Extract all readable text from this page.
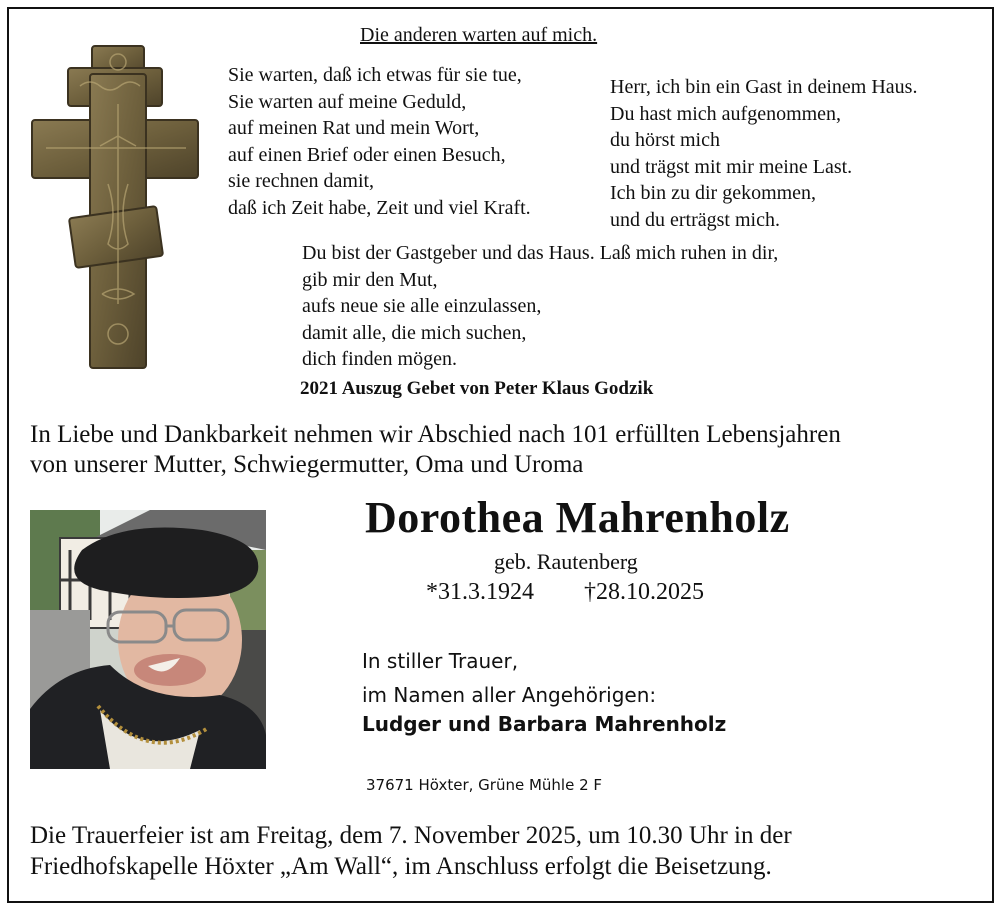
Die anderen warten auf mich.
Sie warten, daß ich etwas für sie tue,
Sie warten auf meine Geduld,
auf meinen Rat und mein Wort,
auf einen Brief oder einen Besuch,
sie rechnen damit,
daß ich Zeit habe, Zeit und viel Kraft.
Herr, ich bin ein Gast in deinem Haus.
Du hast mich aufgenommen,
du hörst mich
und trägst mit mir meine Last.
Ich bin zu dir gekommen,
und du erträgst mich.
Du bist der Gastgeber und das Haus. Laß mich ruhen in dir,
gib mir den Mut,
aufs neue sie alle einzulassen,
damit alle, die mich suchen,
dich finden mögen.
2021 Auszug Gebet von Peter Klaus Godzik
In Liebe und Dankbarkeit nehmen wir Abschied nach 101 erfüllten Lebensjahren
von unserer Mutter, Schwiegermutter, Oma und Uroma
Dorothea Mahrenholz
geb. Rautenberg
*31.3.1924 †28.10.2025
In stiller Trauer,
im Namen aller Angehörigen:
Ludger und Barbara Mahrenholz
37671 Höxter, Grüne Mühle 2 F
Die Trauerfeier ist am Freitag, dem 7. November 2025, um 10.30 Uhr in der
Friedhofskapelle Höxter „Am Wall“, im Anschluss erfolgt die Beisetzung.
